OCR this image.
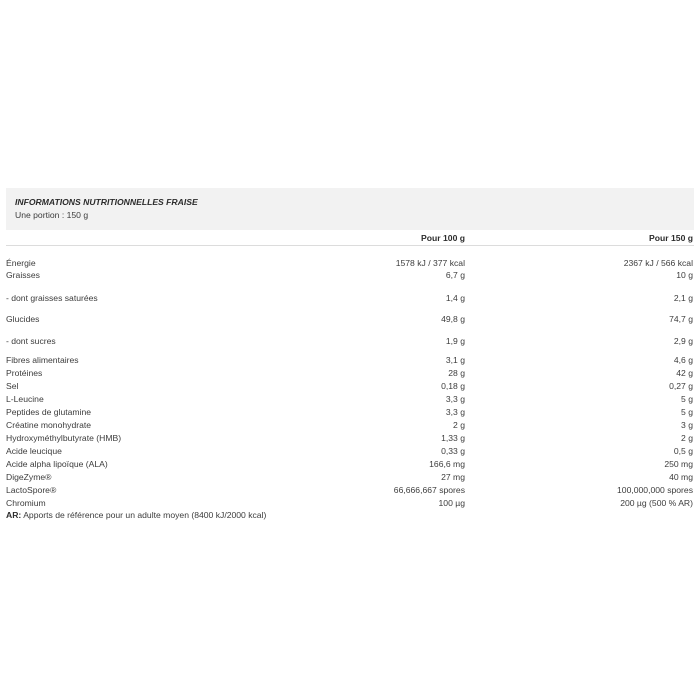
INFORMATIONS NUTRITIONNELLES FRAISE
Une portion : 150 g
Pour 100 g	Pour 150 g
Énergie	1578 kJ / 377 kcal	2367 kJ / 566 kcal
Graisses	6,7 g	10 g
- dont graisses saturées	1,4 g	2,1 g
Glucides	49,8 g	74,7 g
- dont sucres	1,9 g	2,9 g
Fibres alimentaires	3,1 g	4,6 g
Protéines	28 g	42 g
Sel	0,18 g	0,27 g
L-Leucine	3,3 g	5 g
Peptides de glutamine	3,3 g	5 g
Créatine monohydrate	2 g	3 g
Hydroxyméthylbutyrate (HMB)	1,33 g	2 g
Acide leucique	0,33 g	0,5 g
Acide alpha lipoïque (ALA)	166,6 mg	250 mg
DigeZyme®	27 mg	40 mg
LactoSpore®	66,666,667 spores	100,000,000 spores
Chromium	100 µg	200 µg (500 % AR)
AR: Apports de référence pour un adulte moyen (8400 kJ/2000 kcal)
